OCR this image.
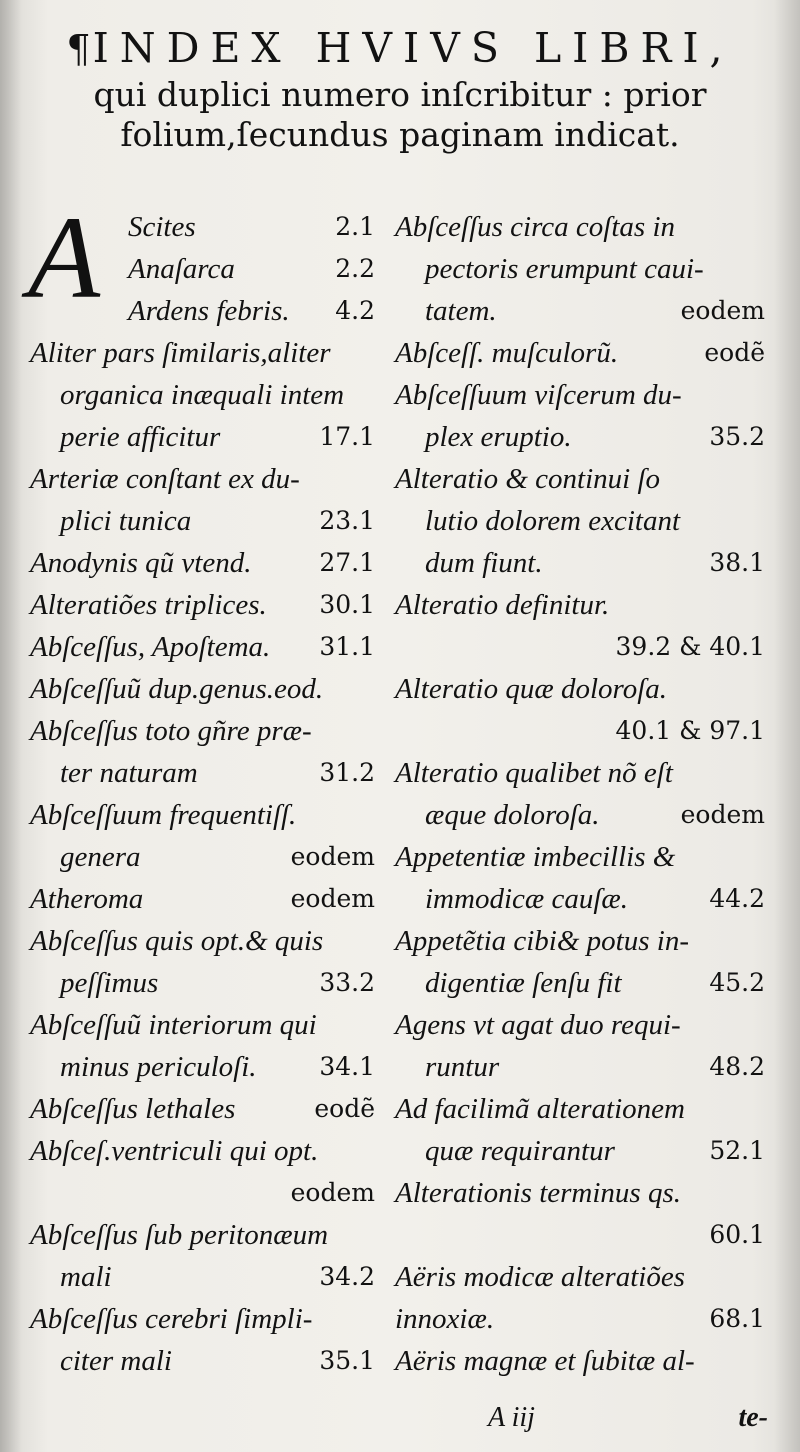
¶INDEX HVIVS LIBRI,
qui duplici numero inſcribitur : prior
folium,ſecundus paginam indicat.
A Scites	2.1
Anaſarca	2.2
Ardens febris. 4.2
Aliter pars ſimilaris,aliter
organica inæquali intem
perie afficitur	17.1
Arteriæ conſtant ex du-
plici tunica	23.1
Anodynis qũ vtend.	27.1
Alteratiões triplices. 30.1
Abſceſſus, Apoſtema. 31.1
Abſceſſuũ dup.genus.eod.
Abſceſſus toto gñre præ-
ter naturam	31.2
Abſceſſuum frequentiſſ.
genera	eodem
Atheroma	eodem
Abſceſſus quis opt.& quis
peſſimus	33.2
Abſceſſuũ interiorum qui
minus periculoſi.	34.1
Abſceſſus lethales	eodẽ
Abſceſ.ventriculi qui opt.
eodem
Abſceſſus ſub peritonæum
mali	34.2
Abſceſſus cerebri ſimpli-
citer mali	35.1
Abſceſſus circa coſtas in
pectoris erumpunt caui-
tatem.	eodem
Abſceſſ. muſculorũ.	eodẽ
Abſceſſuum viſcerum du-
plex eruptio.	35.2
Alteratio & continui ſo
lutio dolorem excitant
dum fiunt.	38.1
Alteratio definitur.
39.2 & 40.1
Alteratio quæ doloroſa.
40.1 & 97.1
Alteratio qualibet nõ eſt
æque doloroſa.	eodem
Appetentiæ imbecillis &
immodicæ cauſæ.	44.2
Appetẽtia cibi& potus in-
digentiæ ſenſu fit	45.2
Agens vt agat duo requi-
runtur	48.2
Ad facilimã alterationem
quæ requirantur	52.1
Alterationis terminus qs.
60.1
Aëris modicæ alteratiões
innoxiæ.	68.1
Aëris magnæ et ſubitæ al-
A iij	te-
